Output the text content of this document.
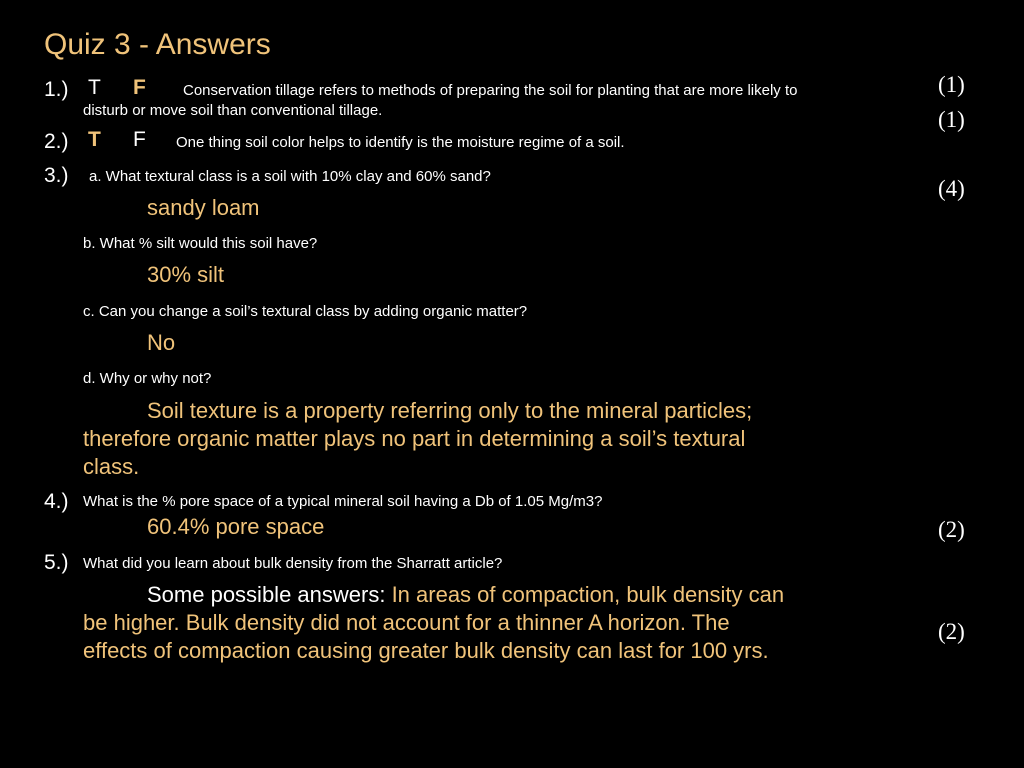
Quiz 3 - Answers
1.) T F Conservation tillage refers to methods of preparing the soil for planting that are more likely to
disturb or move soil than conventional tillage.
(1)
2.) T F One thing soil color helps to identify is the moisture regime of a soil.
(1)
3.) a. What textural class is a soil with 10% clay and 60% sand?	(4)
sandy loam
b. What % silt would this soil have?
30% silt
c. Can you change a soil’s textural class by adding organic matter?
No
d. Why or why not?
Soil texture is a property referring only to the mineral particles;
therefore organic matter plays no part in determining a soil’s textural
class.
4.) What is the % pore space of a typical mineral soil having a Db of 1.05 Mg/m3?
60.4% pore space	(2)
5.) What did you learn about bulk density from the Sharratt article?
Some possible answers: In areas of compaction, bulk density can
be higher. Bulk density did not account for a thinner A horizon. The
effects of compaction causing greater bulk density can last for 100 yrs.
(2)
